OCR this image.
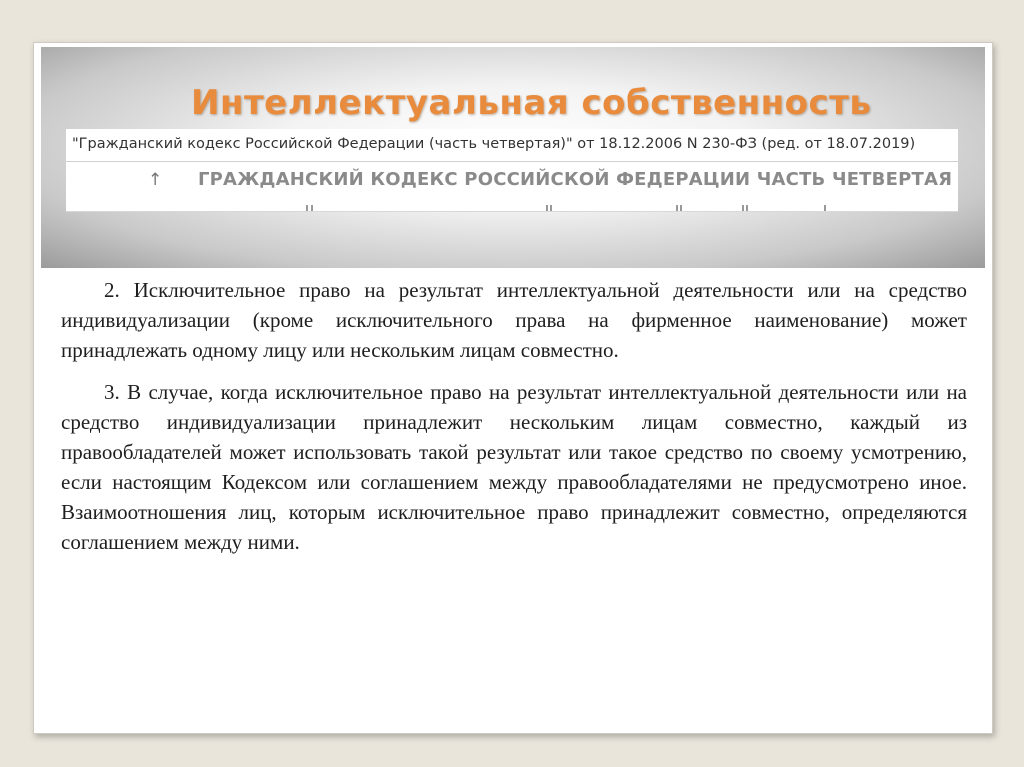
Интеллектуальная собственность
"Гражданский кодекс Российской Федерации (часть четвертая)" от 18.12.2006 N 230-ФЗ (ред. от 18.07.2019)
↑ ГРАЖДАНСКИЙ КОДЕКС РОССИЙСКОЙ ФЕДЕРАЦИИ ЧАСТЬ ЧЕТВЕРТАЯ

2. Исключительное право на результат интеллектуальной деятельности или на средство индивидуализации (кроме исключительного права на фирменное наименование) может принадлежать одному лицу или нескольким лицам совместно.

3. В случае, когда исключительное право на результат интеллектуальной деятельности или на средство индивидуализации принадлежит нескольким лицам совместно, каждый из правообладателей может использовать такой результат или такое средство по своему усмотрению, если настоящим Кодексом или соглашением между правообладателями не предусмотрено иное. Взаимоотношения лиц, которым исключительное право принадлежит совместно, определяются соглашением между ними.
